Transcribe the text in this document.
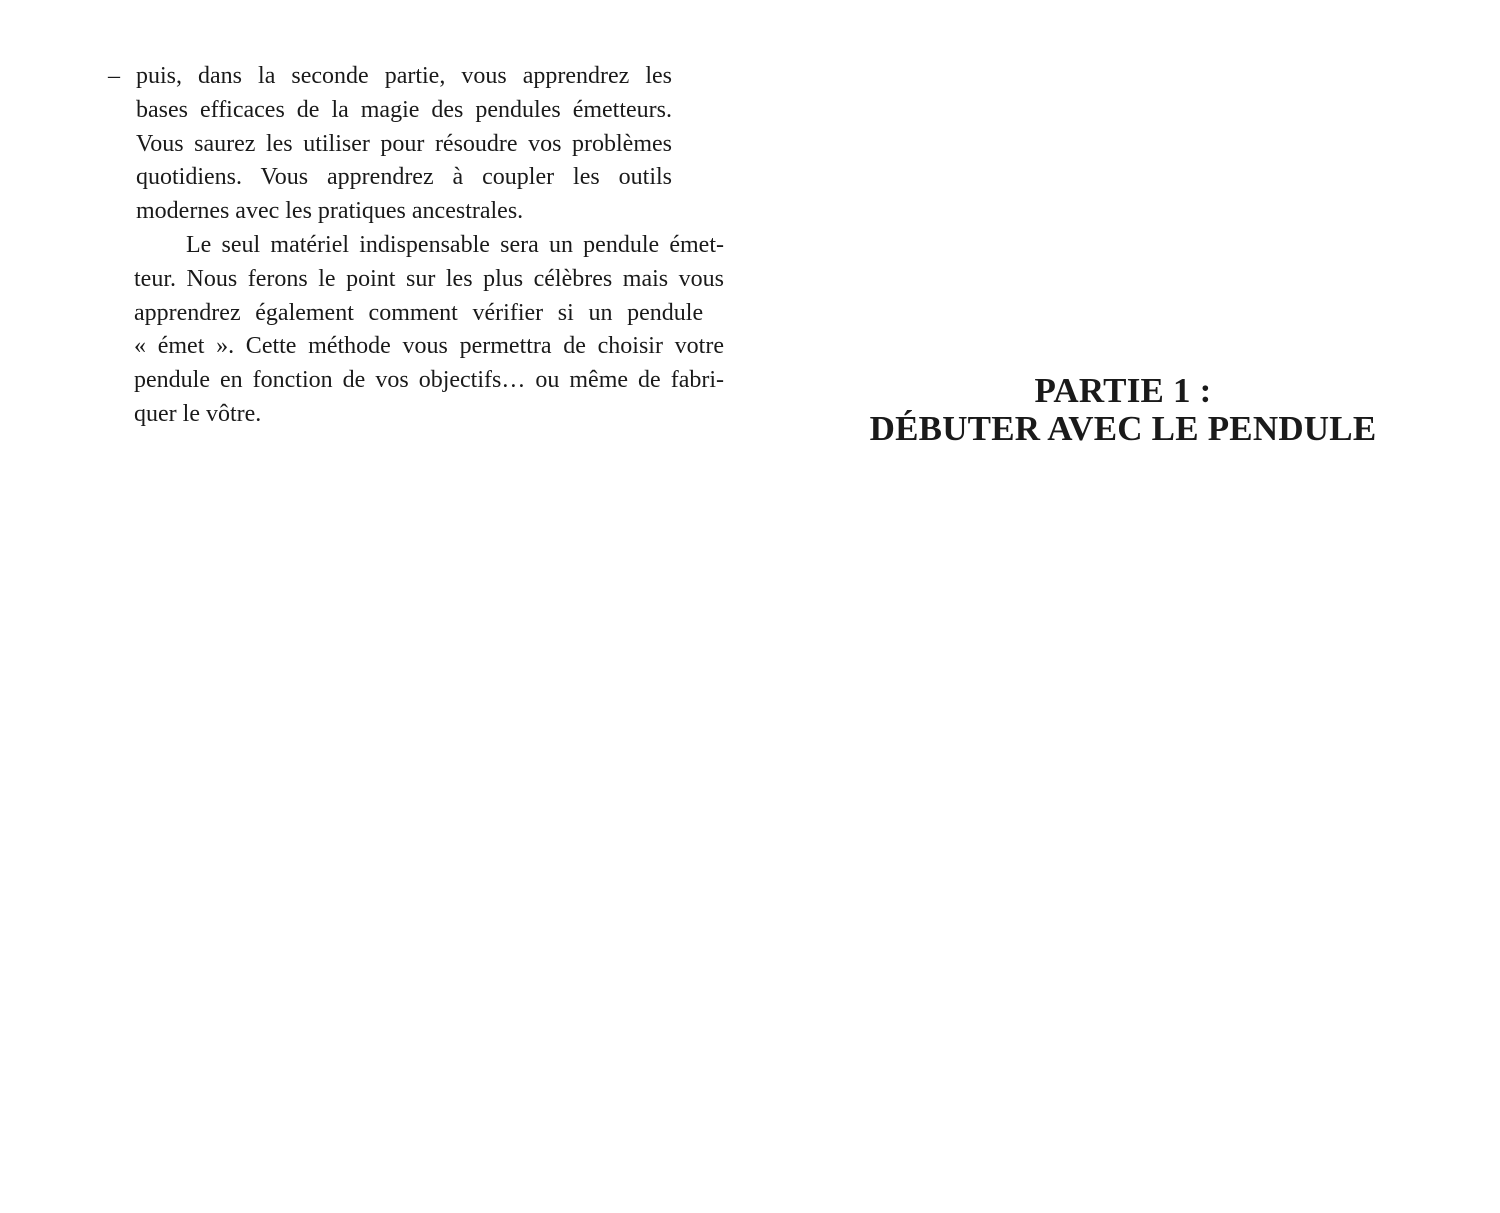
– puis, dans la seconde partie, vous apprendrez les
bases efficaces de la magie des pendules émetteurs.
Vous saurez les utiliser pour résoudre vos problèmes
quotidiens. Vous apprendrez à coupler les outils
modernes avec les pratiques ancestrales.
Le seul matériel indispensable sera un pendule émet-
teur. Nous ferons le point sur les plus célèbres mais vous
apprendrez également comment vérifier si un pendule
« émet ». Cette méthode vous permettra de choisir votre
pendule en fonction de vos objectifs… ou même de fabri-
quer le vôtre.
PARTIE 1 :
DÉBUTER AVEC LE PENDULE
